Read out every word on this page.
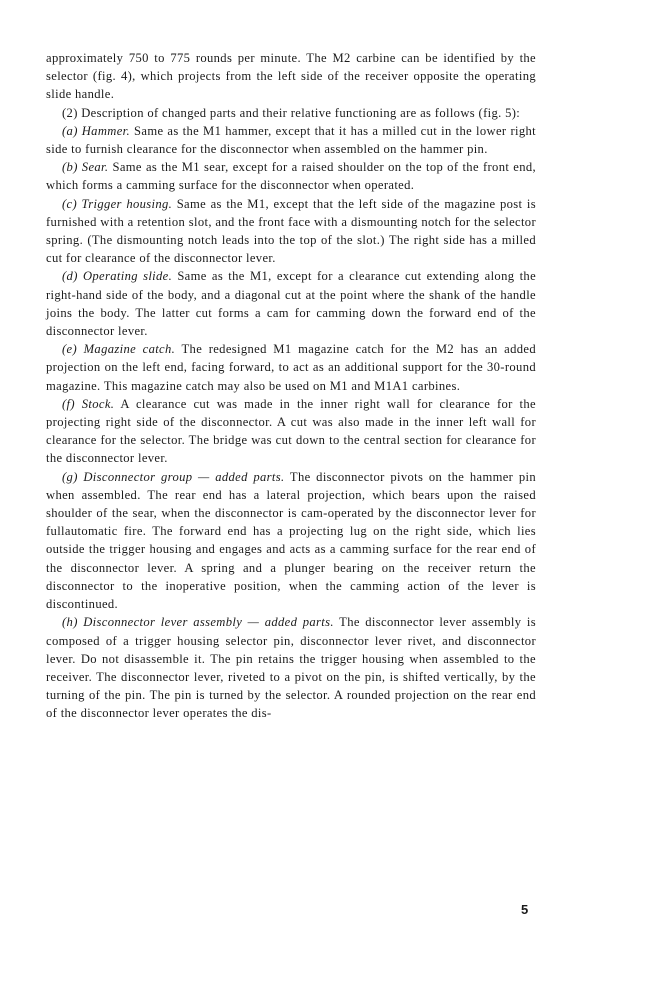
approximately 750 to 775 rounds per minute. The M2 carbine can be identified by the selector (fig. 4), which projects from the left side of the receiver opposite the operating slide handle.

(2) Description of changed parts and their relative functioning are as follows (fig. 5):

(a) Hammer. Same as the M1 hammer, except that it has a milled cut in the lower right side to furnish clearance for the disconnector when assembled on the hammer pin.

(b) Sear. Same as the M1 sear, except for a raised shoulder on the top of the front end, which forms a camming surface for the disconnector when operated.

(c) Trigger housing. Same as the M1, except that the left side of the magazine post is furnished with a retention slot, and the front face with a dismounting notch for the selector spring. (The dismounting notch leads into the top of the slot.) The right side has a milled cut for clearance of the disconnector lever.

(d) Operating slide. Same as the M1, except for a clearance cut extending along the right-hand side of the body, and a diagonal cut at the point where the shank of the handle joins the body. The latter cut forms a cam for camming down the forward end of the disconnector lever.

(e) Magazine catch. The redesigned M1 magazine catch for the M2 has an added projection on the left end, facing forward, to act as an additional support for the 30-round magazine. This magazine catch may also be used on M1 and M1A1 carbines.

(f) Stock. A clearance cut was made in the inner right wall for clearance for the projecting right side of the disconnector. A cut was also made in the inner left wall for clearance for the selector. The bridge was cut down to the central section for clearance for the disconnector lever.

(g) Disconnector group — added parts. The disconnector pivots on the hammer pin when assembled. The rear end has a lateral projection, which bears upon the raised shoulder of the sear, when the disconnector is cam-operated by the disconnector lever for fullautomatic fire. The forward end has a projecting lug on the right side, which lies outside the trigger housing and engages and acts as a camming surface for the rear end of the disconnector lever. A spring and a plunger bearing on the receiver return the disconnector to the inoperative position, when the camming action of the lever is discontinued.

(h) Disconnector lever assembly — added parts. The disconnector lever assembly is composed of a trigger housing selector pin, disconnector lever rivet, and disconnector lever. Do not disassemble it. The pin retains the trigger housing when assembled to the receiver. The disconnector lever, riveted to a pivot on the pin, is shifted vertically, by the turning of the pin. The pin is turned by the selector. A rounded projection on the rear end of the disconnector lever operates the dis-

5
